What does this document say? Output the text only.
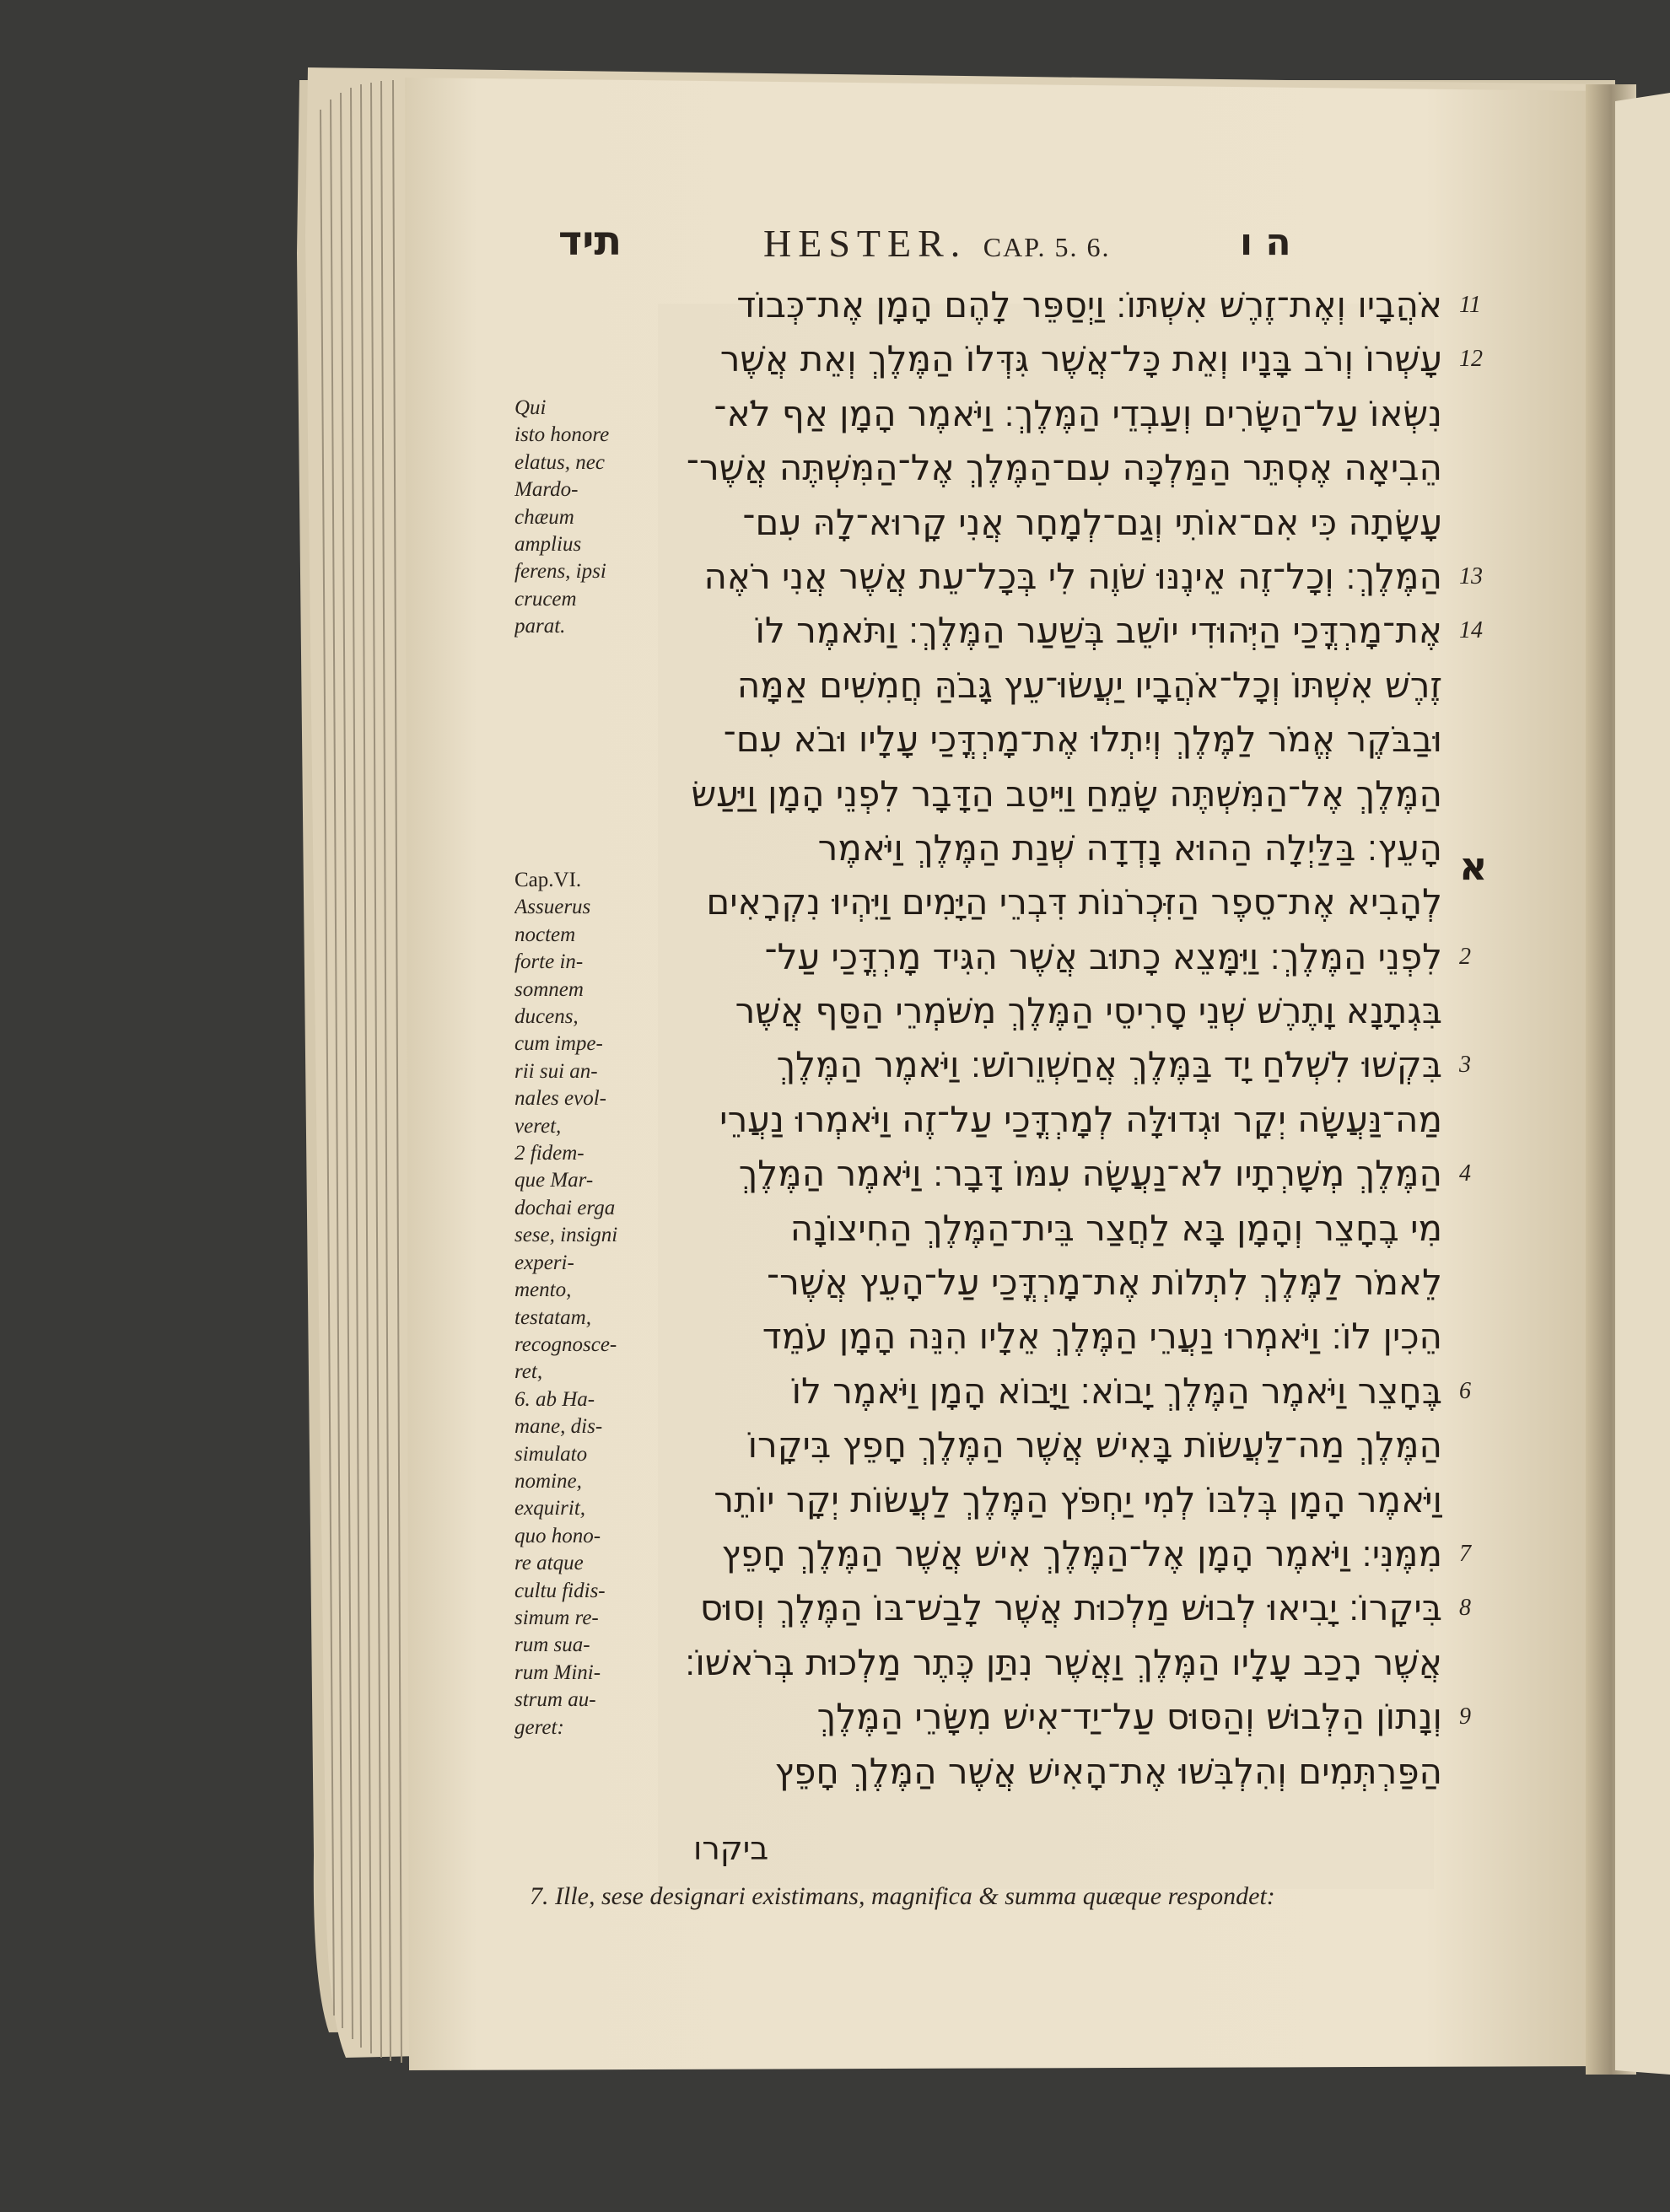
תיד	HESTER. CAP. 5. 6.	ה ו
Qui
isto honore
elatus, nec
Mardo-
chæum
amplius
ferens, ipsi
crucem
parat.
Cap.VI.
Assuerus
noctem
forte in-
somnem
ducens,
cum impe-
rii sui an-
nales evol-
veret,
2 fidem-
que Mar-
dochai erga
sese, insigni
experi-
mento,
testatam,
recognosce-
ret,
6. ab Ha-
mane, dis-
simulato
nomine,
exquirit,
quo hono-
re atque
cultu fidis-
simum re-
rum sua-
rum Mini-
strum au-
geret:
אֹהֲבָיו וְאֶת־זֶרֶשׁ אִשְׁתּוֹ׃ וַיְסַפֵּר לָהֶם הָמָן אֶת־כְּבוֹד
עָשְׁרוֹ וְרֹב בָּנָיו וְאֵת כָּל־אֲשֶׁר גִּדְּלוֹ הַמֶּלֶךְ וְאֵת אֲשֶׁר
נִשְּׂאוֹ עַל־הַשָּׂרִים וְעַבְדֵי הַמֶּלֶךְ׃ וַיֹּאמֶר הָמָן אַף לֹא־
הֵבִיאָה אֶסְתֵּר הַמַּלְכָּה עִם־הַמֶּלֶךְ אֶל־הַמִּשְׁתֶּה אֲשֶׁר־
עָשָׂתָה כִּי אִם־אוֹתִי וְגַם־לְמָחָר אֲנִי קָרוּא־לָהּ עִם־
הַמֶּלֶךְ׃ וְכָל־זֶה אֵינֶנּוּ שֹׁוֶה לִי בְּכָל־עֵת אֲשֶׁר אֲנִי רֹאֶה
אֶת־מָרְדֳּכַי הַיְּהוּדִי יוֹשֵׁב בְּשַׁעַר הַמֶּלֶךְ׃ וַתֹּאמֶר לוֹ
זֶרֶשׁ אִשְׁתּוֹ וְכָל־אֹהֲבָיו יַעֲשׂוּ־עֵץ גָּבֹהַּ חֲמִשִּׁים אַמָּה
וּבַבֹּקֶר אֱמֹר לַמֶּלֶךְ וְיִתְלוּ אֶת־מָרְדֳּכַי עָלָיו וּבֹא עִם־
הַמֶּלֶךְ אֶל־הַמִּשְׁתֶּה שָׂמֵחַ וַיִּיטַב הַדָּבָר לִפְנֵי הָמָן וַיַּעַשׂ
הָעֵץ׃ בַּלַּיְלָה הַהוּא נָדְדָה שְׁנַת הַמֶּלֶךְ וַיֹּאמֶר
לְהָבִיא אֶת־סֵפֶר הַזִּכְרֹנוֹת דִּבְרֵי הַיָּמִים וַיִּהְיוּ נִקְרָאִים
לִפְנֵי הַמֶּלֶךְ׃ וַיִּמָּצֵא כָתוּב אֲשֶׁר הִגִּיד מָרְדֳּכַי עַל־
בִּגְתָנָא וָתֶרֶשׁ שְׁנֵי סָרִיסֵי הַמֶּלֶךְ מִשֹּׁמְרֵי הַסַּף אֲשֶׁר
בִּקְשׁוּ לִשְׁלֹחַ יָד בַּמֶּלֶךְ אֲחַשְׁוֵרוֹשׁ׃ וַיֹּאמֶר הַמֶּלֶךְ
מַה־נַּעֲשָׂה יְקָר וּגְדוּלָּה לְמָרְדֳּכַי עַל־זֶה וַיֹּאמְרוּ נַעֲרֵי
הַמֶּלֶךְ מְשָׁרְתָיו לֹא־נַעֲשָׂה עִמּוֹ דָּבָר׃ וַיֹּאמֶר הַמֶּלֶךְ
מִי בֶחָצֵר וְהָמָן בָּא לַחֲצַר בֵּית־הַמֶּלֶךְ הַחִיצוֹנָה
לֵאמֹר לַמֶּלֶךְ לִתְלוֹת אֶת־מָרְדֳּכַי עַל־הָעֵץ אֲשֶׁר־
הֵכִין לוֹ׃ וַיֹּאמְרוּ נַעֲרֵי הַמֶּלֶךְ אֵלָיו הִנֵּה הָמָן עֹמֵד
בֶּחָצֵר וַיֹּאמֶר הַמֶּלֶךְ יָבוֹא׃ וַיָּבוֹא הָמָן וַיֹּאמֶר לוֹ
הַמֶּלֶךְ מַה־לַּעֲשׂוֹת בָּאִישׁ אֲשֶׁר הַמֶּלֶךְ חָפֵץ בִּיקָרוֹ
וַיֹּאמֶר הָמָן בְּלִבּוֹ לְמִי יַחְפֹּץ הַמֶּלֶךְ לַעֲשׂוֹת יְקָר יוֹתֵר
מִמֶּנִּי׃ וַיֹּאמֶר הָמָן אֶל־הַמֶּלֶךְ אִישׁ אֲשֶׁר הַמֶּלֶךְ חָפֵץ
בִּיקָרוֹ׃ יָבִיאוּ לְבוּשׁ מַלְכוּת אֲשֶׁר לָבַשׁ־בּוֹ הַמֶּלֶךְ וְסוּס
אֲשֶׁר רָכַב עָלָיו הַמֶּלֶךְ וַאֲשֶׁר נִתַּן כֶּתֶר מַלְכוּת בְּרֹאשׁוֹ׃
וְנָתוֹן הַלְּבוּשׁ וְהַסּוּס עַל־יַד־אִישׁ מִשָּׂרֵי הַמֶּלֶךְ
הַפַּרְתְּמִים וְהִלְבִּשׁוּ אֶת־הָאִישׁ אֲשֶׁר הַמֶּלֶךְ חָפֵץ
11
12
13
14
2
3
4
6
7
8
9
א
ביקרו
7. Ille, sese designari existimans, magnifica & summa quæque respondet:
